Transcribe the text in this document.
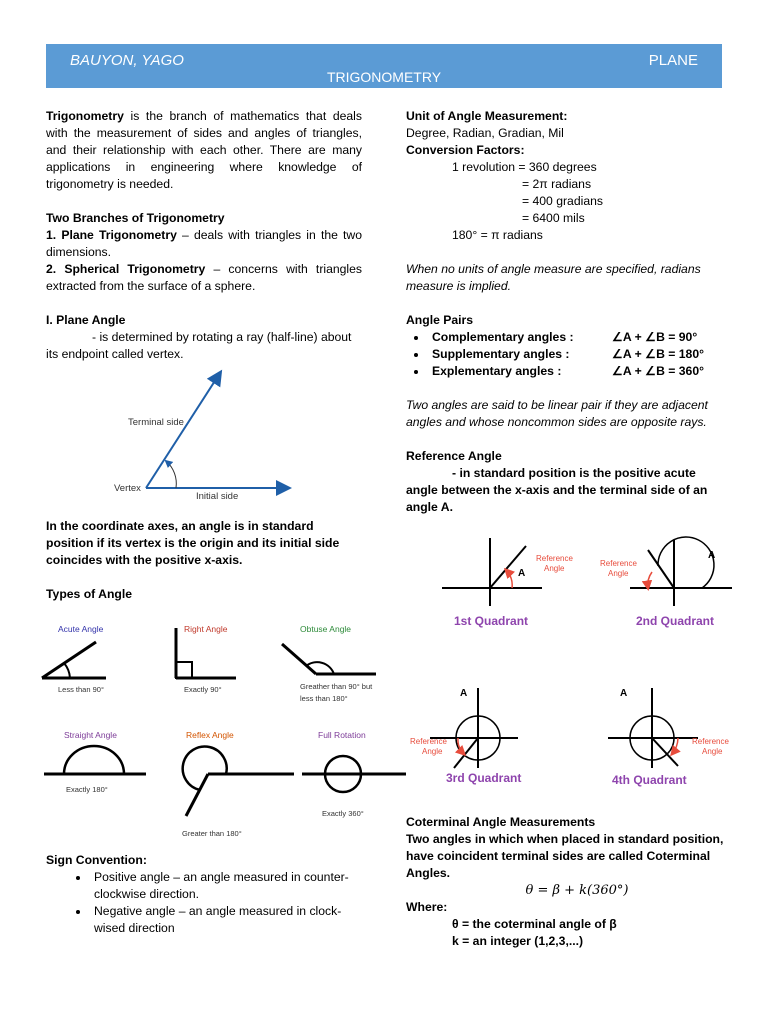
BAUYON, YAGO	PLANE
TRIGONOMETRY

Trigonometry is the branch of mathematics that deals with the measurement of sides and angles of triangles, and their relationship with each other. There are many applications in engineering where knowledge of trigonometry is needed.

Two Branches of Trigonometry

1. Plane Trigonometry – deals with triangles in the two dimensions.

2. Spherical Trigonometry – concerns with triangles extracted from the surface of a sphere.

I. Plane Angle

- is determined by rotating a ray (half-line) about its endpoint called vertex.

Terminal side
Vertex
Initial side

In the coordinate axes, an angle is in standard position if its vertex is the origin and its initial side coincides with the positive x-axis.

Types of Angle

Acute Angle
Less than 90°
Right Angle
Exactly 90°
Obtuse Angle
Greather than 90° but
less than 180°
Straight Angle
Exactly 180°
Reflex Angle
Greater than 180°
Full Rotation
Exactly 360°

Sign Convention:

• Positive angle – an angle measured in counter-clockwise direction.
• Negative angle – an angle measured in clock-wised direction

Unit of Angle Measurement:

Degree, Radian, Gradian, Mil

Conversion Factors:

1 revolution = 360 degrees

= 2π radians

= 400 gradians

= 6400 mils

180° = π radians

When no units of angle measure are specified, radians measure is implied.

Angle Pairs

• Complementary angles :	∠A + ∠B = 90°
• Supplementary angles :	∠A + ∠B = 180°
• Explementary angles :	∠A + ∠B = 360°

Two angles are said to be linear pair if they are adjacent angles and whose noncommon sides are opposite rays.

Reference Angle

- in standard position is the positive acute angle between the x-axis and the terminal side of an angle A.

Reference
Angle
A
1st Quadrant
Reference
Angle
A
2nd Quadrant
Reference
Angle
A
3rd Quadrant
Reference
Angle
A
4th Quadrant

Coterminal Angle Measurements

Two angles in which when placed in standard position, have coincident terminal sides are called Coterminal Angles.

θ = β + k(360°)

Where:

θ = the coterminal angle of β

k = an integer (1,2,3,...)
